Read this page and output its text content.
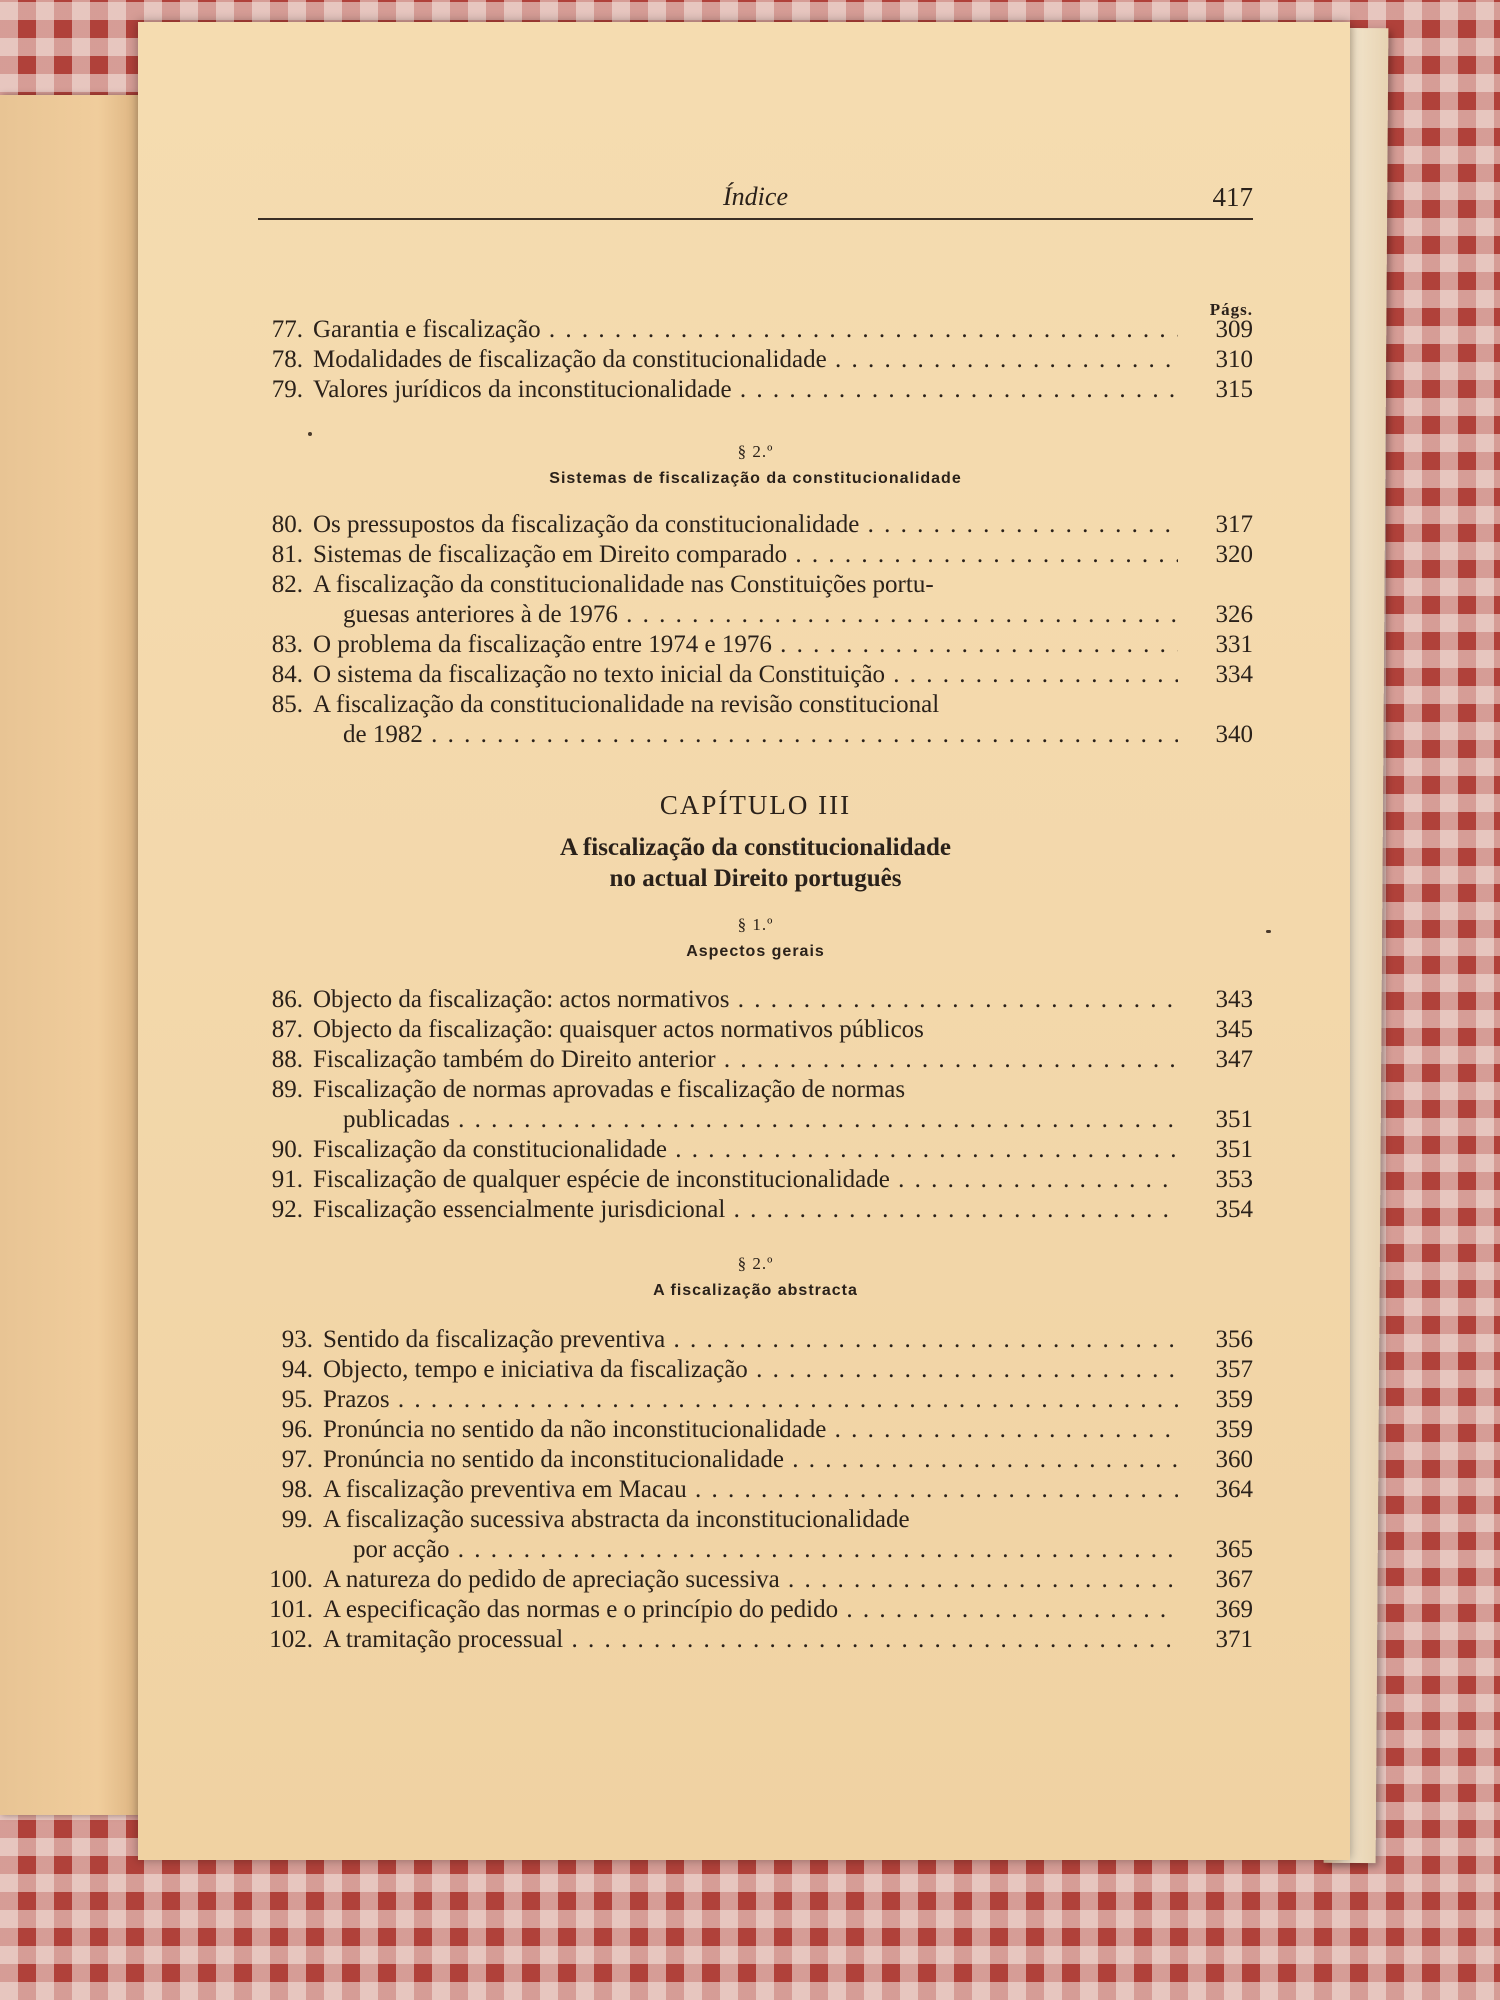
Índice	417
Págs.
77. Garantia e fiscalização . . .	309
78. Modalidades de fiscalização da constitucionalidade . . .	310
79. Valores jurídicos da inconstitucionalidade . . .	315
§ 2.º
Sistemas de fiscalização da constitucionalidade
80. Os pressupostos da fiscalização da constitucionalidade . . .	317
81. Sistemas de fiscalização em Direito comparado . . .	320
82. A fiscalização da constitucionalidade nas Constituições portu-
guesas anteriores à de 1976 . . .	326
83. O problema da fiscalização entre 1974 e 1976 . . .	331
84. O sistema da fiscalização no texto inicial da Constituição . . .	334
85. A fiscalização da constitucionalidade na revisão constitucional
de 1982 . . .	340
CAPÍTULO III
A fiscalização da constitucionalidade
no actual Direito português
§ 1.º
Aspectos gerais
86. Objecto da fiscalização: actos normativos . . .	343
87. Objecto da fiscalização: quaisquer actos normativos públicos	345
88. Fiscalização também do Direito anterior . . .	347
89. Fiscalização de normas aprovadas e fiscalização de normas
publicadas . . .	351
90. Fiscalização da constitucionalidade . . .	351
91. Fiscalização de qualquer espécie de inconstitucionalidade . . .	353
92. Fiscalização essencialmente jurisdicional . . .	354
§ 2.º
A fiscalização abstracta
93. Sentido da fiscalização preventiva . . .	356
94. Objecto, tempo e iniciativa da fiscalização . . .	357
95. Prazos . . .	359
96. Pronúncia no sentido da não inconstitucionalidade . . .	359
97. Pronúncia no sentido da inconstitucionalidade . . .	360
98. A fiscalização preventiva em Macau . . .	364
99. A fiscalização sucessiva abstracta da inconstitucionalidade
por acção . . .	365
100. A natureza do pedido de apreciação sucessiva . . .	367
101. A especificação das normas e o princípio do pedido . . .	369
102. A tramitação processual . . .	371
